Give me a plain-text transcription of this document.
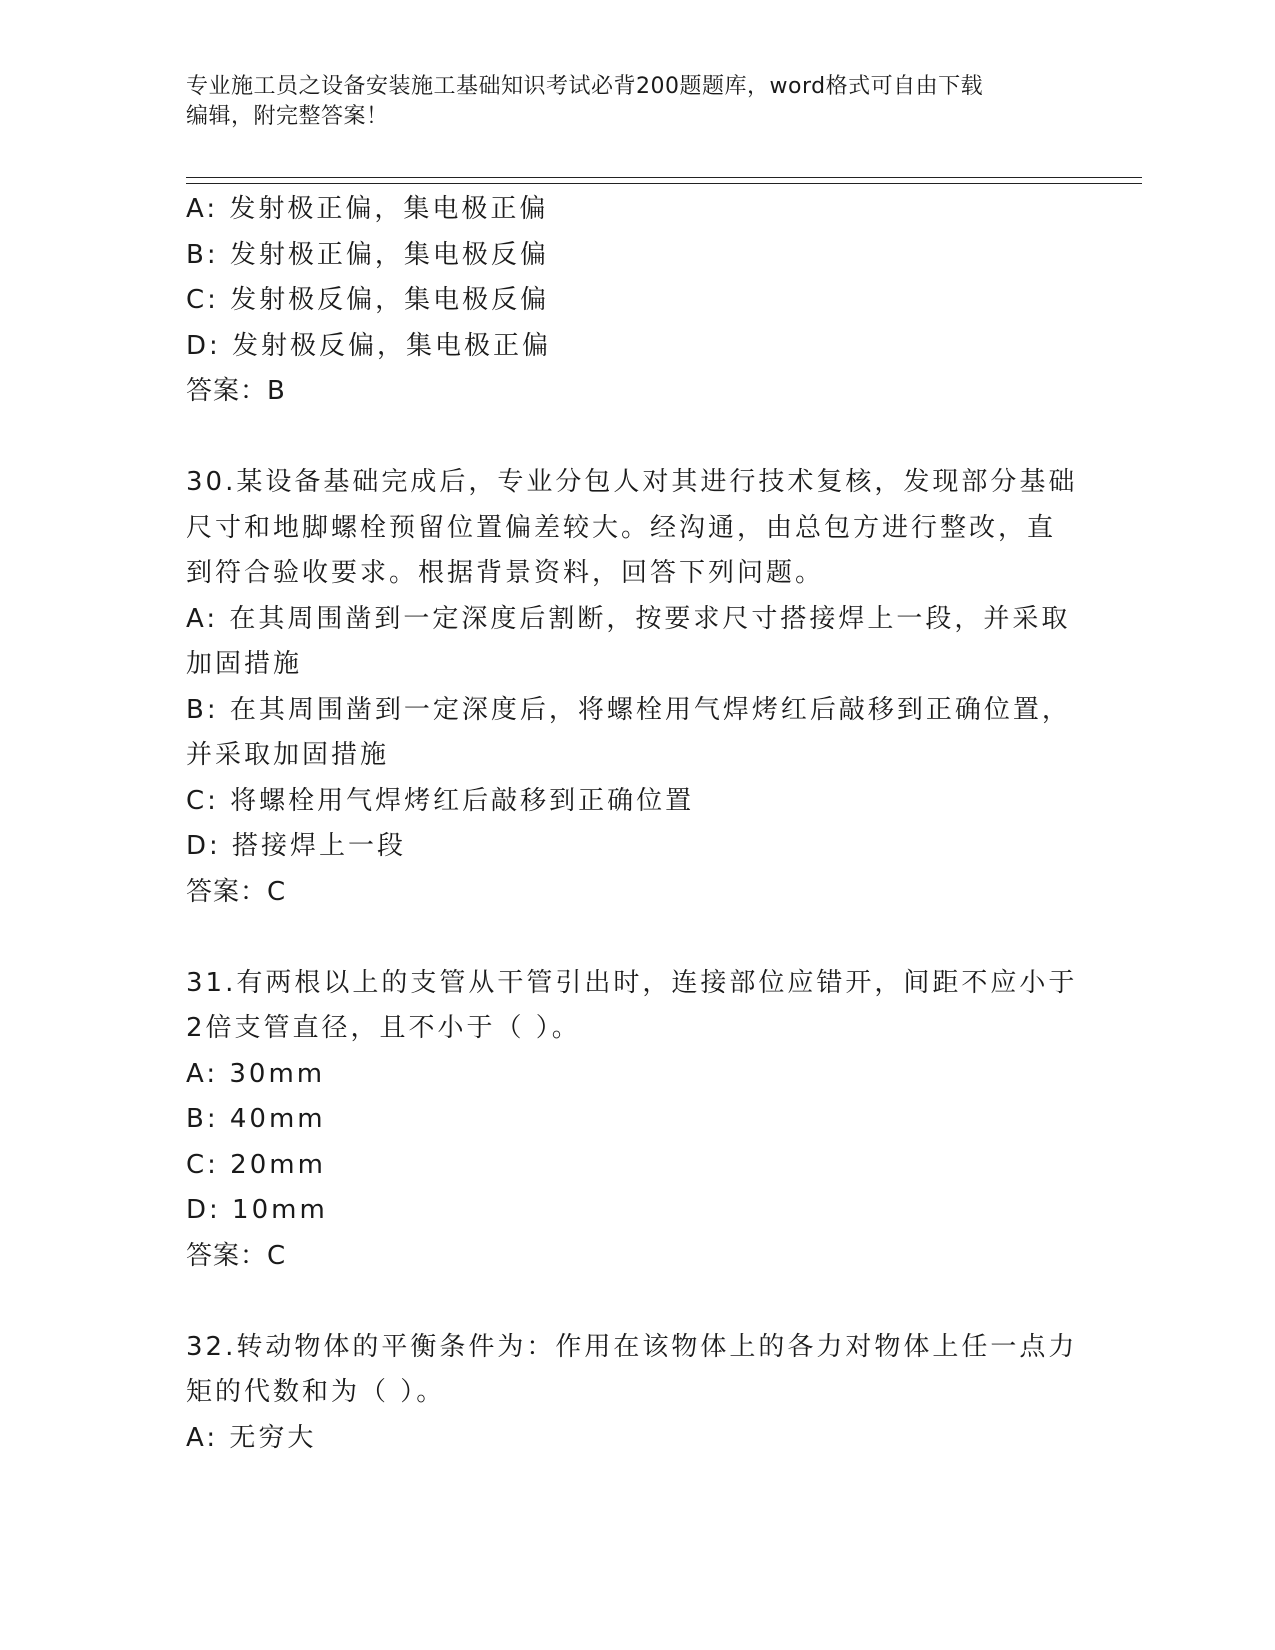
专业施工员之设备安装施工基础知识考试必背200题题库，word格式可自由下载
编辑，附完整答案！
A: 发射极正偏，集电极正偏
B: 发射极正偏，集电极反偏
C: 发射极反偏，集电极反偏
D: 发射极反偏，集电极正偏
答案：B
30.某设备基础完成后，专业分包人对其进行技术复核，发现部分基础
尺寸和地脚螺栓预留位置偏差较大。经沟通，由总包方进行整改，直
到符合验收要求。根据背景资料，回答下列问题。
A: 在其周围凿到一定深度后割断，按要求尺寸搭接焊上一段，并采取
加固措施
B: 在其周围凿到一定深度后，将螺栓用气焊烤红后敲移到正确位置，
并采取加固措施
C: 将螺栓用气焊烤红后敲移到正确位置
D: 搭接焊上一段
答案：C
31.有两根以上的支管从干管引出时，连接部位应错开，间距不应小于
2倍支管直径，且不小于（ ）。
A: 30mm
B: 40mm
C: 20mm
D: 10mm
答案：C
32.转动物体的平衡条件为：作用在该物体上的各力对物体上任一点力
矩的代数和为（ ）。
A: 无穷大
